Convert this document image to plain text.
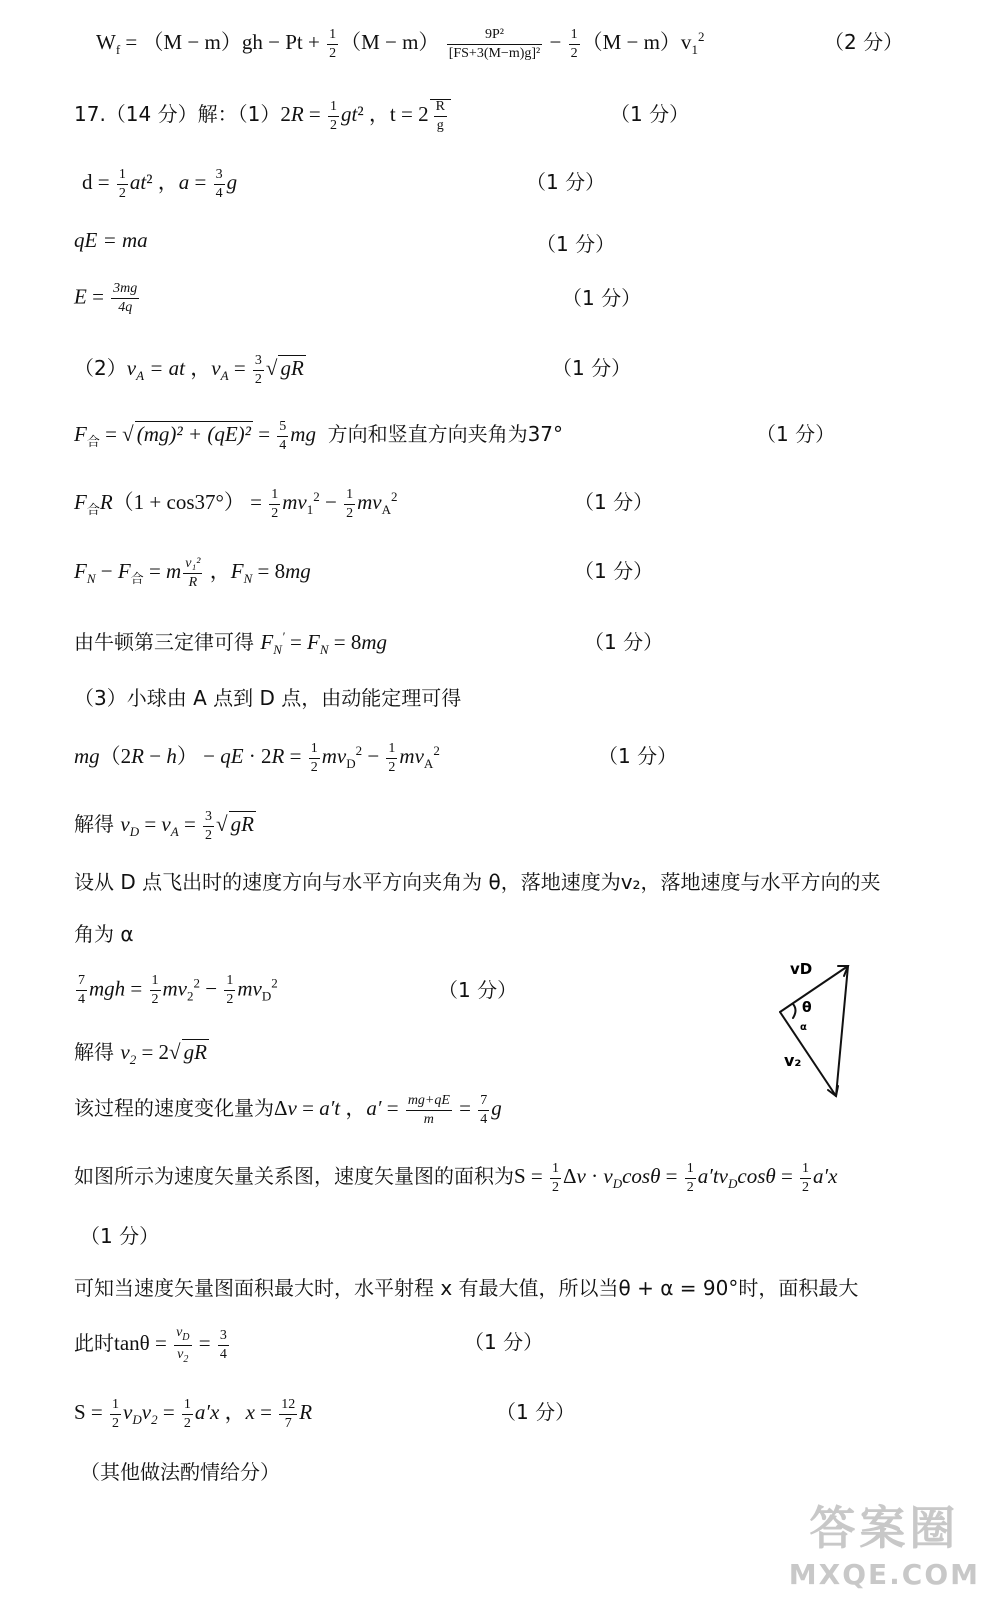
$W_f = (M - m)gh - Pt + \frac{1}{2} (M - m) \frac{\text{9P²}}{\text{[FS+3(M−m)g]²}} - \frac{1}{2} (M - m)v_1^2$	（2 分）
17.（14 分）解：$(1)2R = \frac{1}{2} gt^2$ ，$t = 2 \frac{R}{g}$	（1 分）
$d = \frac{1}{2} at^2$ ，$a = \frac{3}{4}$ g	（1 分）
qE = ma	（1 分）
$E = \frac{3mg}{4q}$	（1 分）
$(2)v_A$ = at ，$v_A = \frac{3}{2}$ √ gR	（1 分）
$F_合$ = √ $(mg)^2 + (qE)^2 = \frac{5}{4}$ mg  方向和竖直方向夹角为37°	（1 分）
$F_合R(1 + \cos 37^\circ) = \frac{1}{2} mv_1^2 - \frac{1}{2} mv_A^2$	（1 分）
$F_N - F_合 = m \frac{\text{v₁²}}{R}$ ，$F_N = 8mg$	（1 分）
由牛顿第三定律可得 $F_N' = F_N = 8mg$	（1 分）
（3）小球由 A 点到 D 点，由动能定理可得
mg（2R − h） − qE · $2R = \frac{1}{2} mv_D^2 - \frac{1}{2} mv_A^2$	（1 分）
解得 $v_D = v_A = \frac{3}{2}$ √ gR
设从 D 点飞出时的速度方向与水平方向夹角为 θ，落地速度为v₂，落地速度与水平方向的夹
角为 α
$\frac{7}{4}$ mgh = $\frac{1}{2} mv_2^2 - \frac{1}{2} mv_D^2$	（1 分）
解得 $v_2 = 2√$ gR
该过程的速度变化量为Δv = a′t ，$a' = \frac{mg+qE}{m} = \frac{7}{4}$ g
如图所示为速度矢量关系图，速度矢量图的面积为$S = \frac{1}{2}$ $\Delta v \cdot v_D\cos\theta = \frac{1}{2} a'tv_D\cos\theta = \frac{1}{2} a'x$
（1 分）
可知当速度矢量图面积最大时，水平射程 x 有最大值，所以当θ + α = 90°时，面积最大
此时$\tan\theta = \frac{v_D}{v_2} = \frac{3}{4}$	（1 分）
$S = \frac{1}{2} v_Dv_2 = \frac{1}{2} a'x$ ，$x = \frac{12}{7}$ R	（1 分）
（其他做法酌情给分）
vD
θ
α
v₂
答案圈
MXQE.COM
